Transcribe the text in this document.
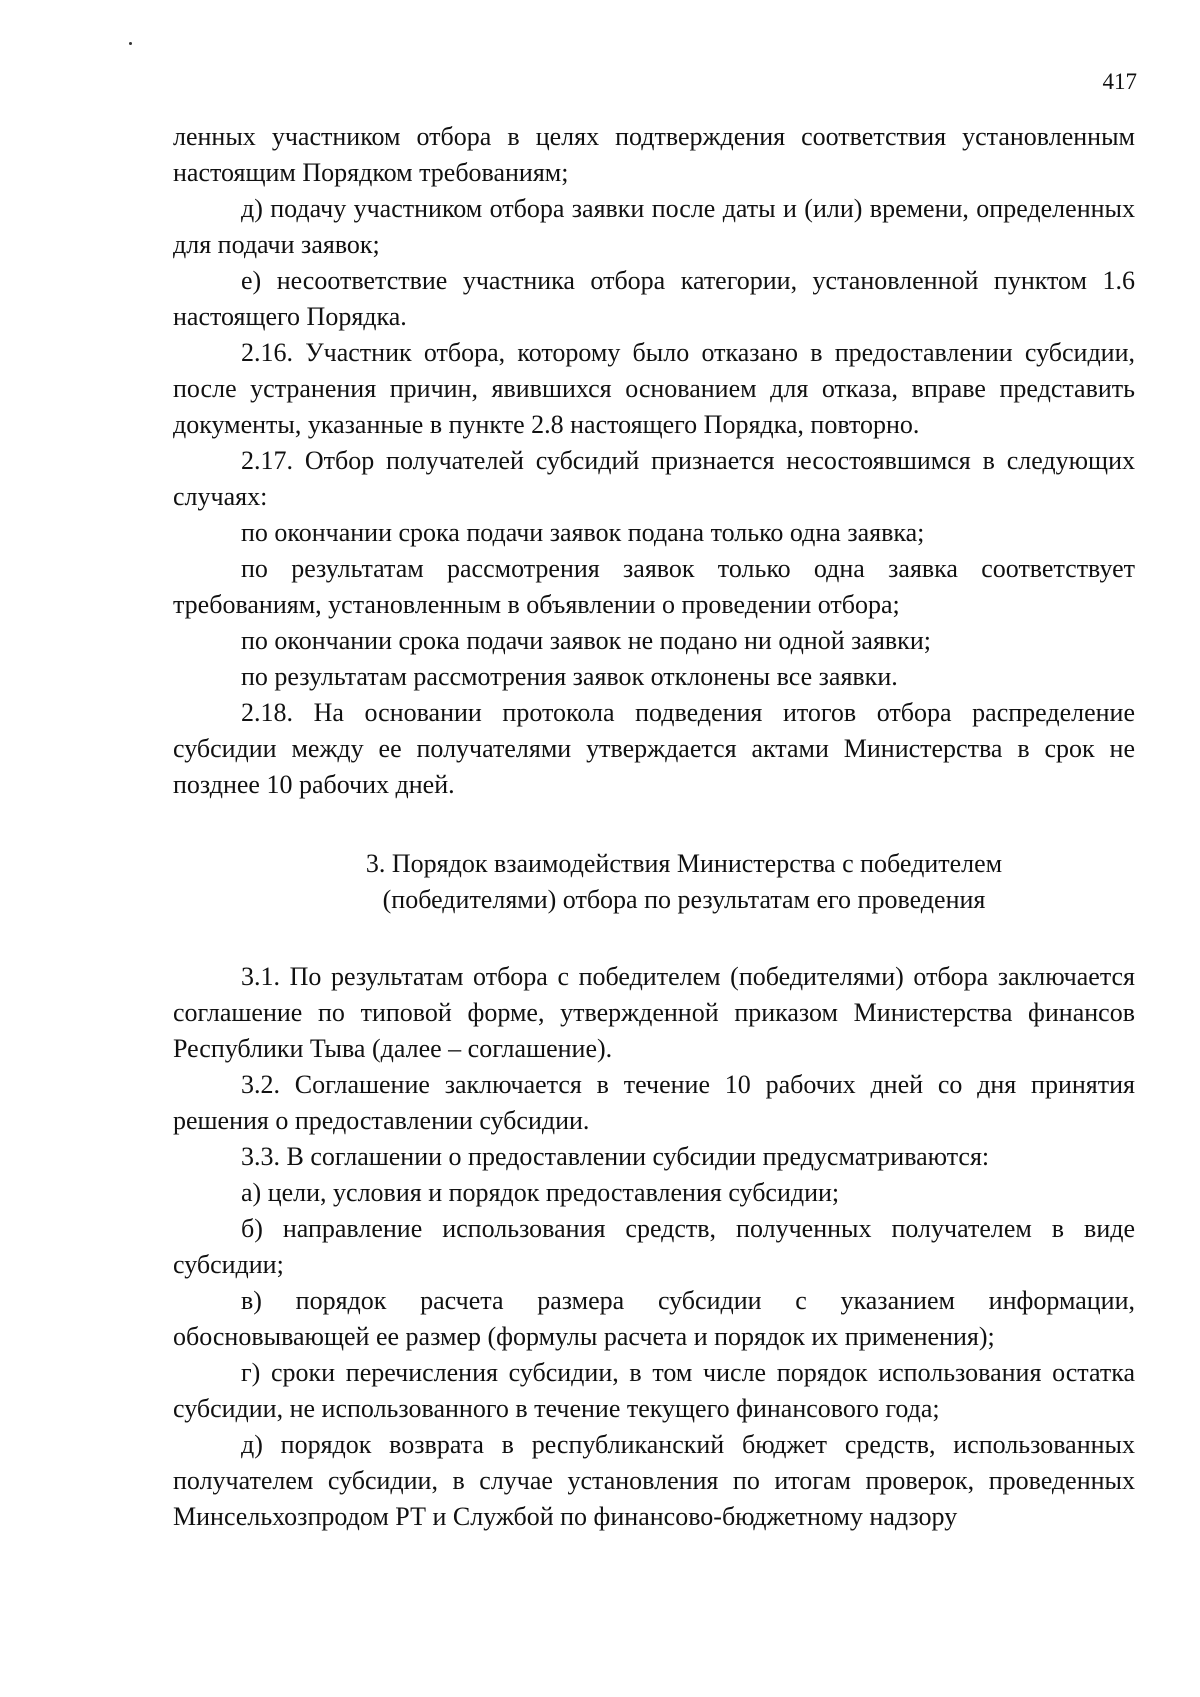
417

ленных участником отбора в целях подтверждения соответствия установленным настоящим Порядком требованиям;

д) подачу участником отбора заявки после даты и (или) времени, определенных для подачи заявок;

е) несоответствие участника отбора категории, установленной пунктом 1.6 настоящего Порядка.

2.16. Участник отбора, которому было отказано в предоставлении субсидии, после устранения причин, явившихся основанием для отказа, вправе представить документы, указанные в пункте 2.8 настоящего Порядка, повторно.

2.17. Отбор получателей субсидий признается несостоявшимся в следующих случаях:

по окончании срока подачи заявок подана только одна заявка;

по результатам рассмотрения заявок только одна заявка соответствует требованиям, установленным в объявлении о проведении отбора;

по окончании срока подачи заявок не подано ни одной заявки;

по результатам рассмотрения заявок отклонены все заявки.

2.18. На основании протокола подведения итогов отбора распределение субсидии между ее получателями утверждается актами Министерства в срок не позднее 10 рабочих дней.

3. Порядок взаимодействия Министерства с победителем
(победителями) отбора по результатам его проведения

3.1. По результатам отбора с победителем (победителями) отбора заключается соглашение по типовой форме, утвержденной приказом Министерства финансов Республики Тыва (далее – соглашение).

3.2. Соглашение заключается в течение 10 рабочих дней со дня принятия решения о предоставлении субсидии.

3.3. В соглашении о предоставлении субсидии предусматриваются:

а) цели, условия и порядок предоставления субсидии;

б) направление использования средств, полученных получателем в виде субсидии;

в) порядок расчета размера субсидии с указанием информации, обосновывающей ее размер (формулы расчета и порядок их применения);

г) сроки перечисления субсидии, в том числе порядок использования остатка субсидии, не использованного в течение текущего финансового года;

д) порядок возврата в республиканский бюджет средств, использованных получателем субсидии, в случае установления по итогам проверок, проведенных Минсельхозпродом РТ и Службой по финансово-бюджетному надзору
